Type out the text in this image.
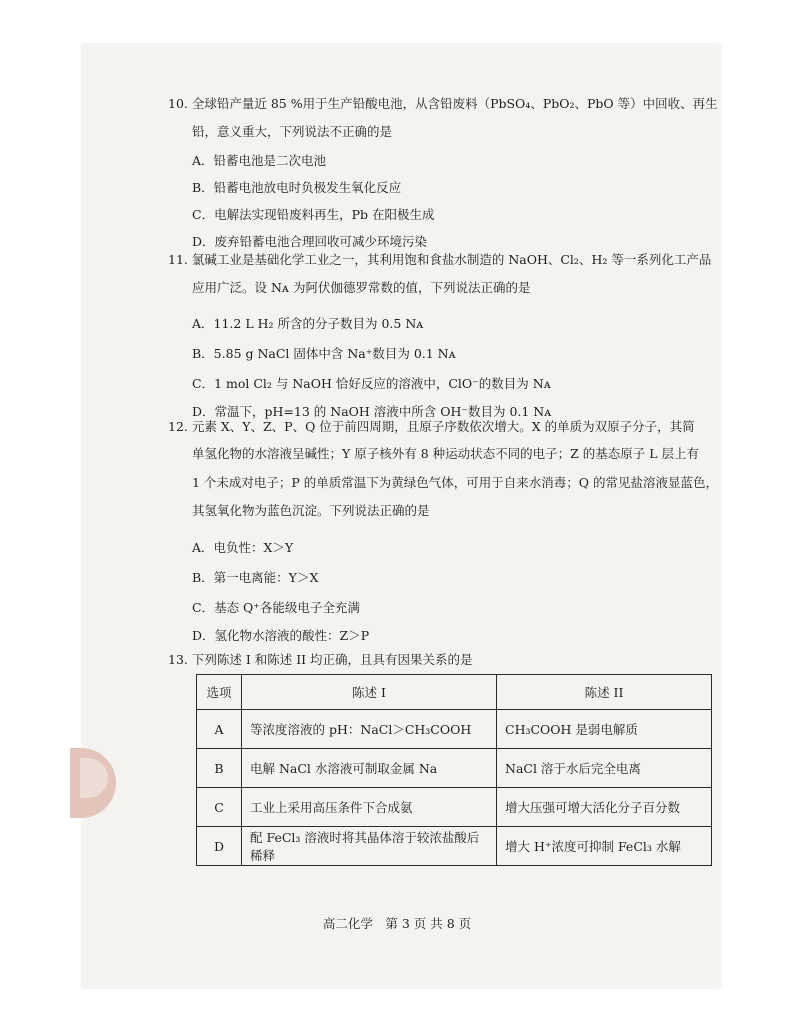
10. 全球铅产量近 85 %用于生产铅酸电池，从含铅废料（PbSO₄、PbO₂、PbO 等）中回收、再生
铅，意义重大，下列说法不正确的是
A．铅蓄电池是二次电池
B．铅蓄电池放电时负极发生氧化反应
C．电解法实现铅废料再生，Pb 在阳极生成
D．废弃铅蓄电池合理回收可减少环境污染
11. 氯碱工业是基础化学工业之一，其利用饱和食盐水制造的 NaOH、Cl₂、H₂ 等一系列化工产品
应用广泛。设 Nᴀ 为阿伏伽德罗常数的值，下列说法正确的是
A．11.2 L H₂ 所含的分子数目为 0.5 Nᴀ
B．5.85 g NaCl 固体中含 Na⁺数目为 0.1 Nᴀ
C．1 mol Cl₂ 与 NaOH 恰好反应的溶液中，ClO⁻的数目为 Nᴀ
D．常温下，pH=13 的 NaOH 溶液中所含 OH⁻数目为 0.1 Nᴀ
12. 元素 X、Y、Z、P、Q 位于前四周期，且原子序数依次增大。X 的单质为双原子分子，其简
单氢化物的水溶液呈碱性；Y 原子核外有 8 种运动状态不同的电子；Z 的基态原子 L 层上有
1 个未成对电子；P 的单质常温下为黄绿色气体，可用于自来水消毒；Q 的常见盐溶液显蓝色，
其氢氧化物为蓝色沉淀。下列说法正确的是
A．电负性：X＞Y
B．第一电离能：Y＞X
C．基态 Q⁺各能级电子全充满
D．氢化物水溶液的酸性：Z＞P
13. 下列陈述 I 和陈述 II 均正确，且具有因果关系的是
选项	陈述 I	陈述 II
A	等浓度溶液的 pH：NaCl＞CH₃COOH	CH₃COOH 是弱电解质
B	电解 NaCl 水溶液可制取金属 Na	NaCl 溶于水后完全电离
C	工业上采用高压条件下合成氨	增大压强可增大活化分子百分数
D	配 FeCl₃ 溶液时将其晶体溶于较浓盐酸后稀释	增大 H⁺浓度可抑制 FeCl₃ 水解
高二化学　第 3 页 共 8 页
